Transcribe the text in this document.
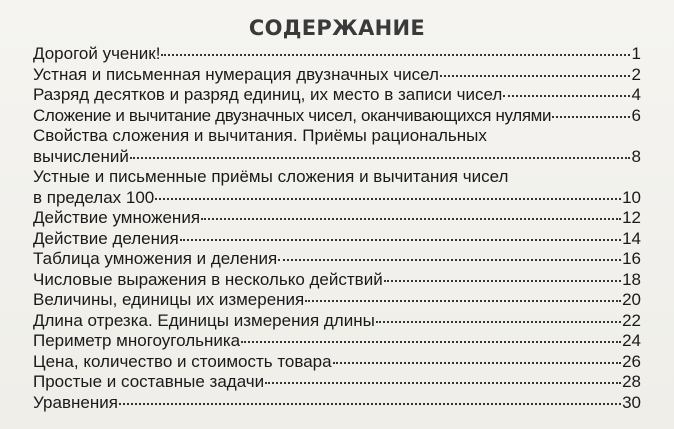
СОДЕРЖАНИЕ
Дорогой ученик!	1
Устная и письменная нумерация двузначных чисел	2
Разряд десятков и разряд единиц, их место в записи чисел	4
Сложение и вычитание двузначных чисел, оканчивающихся нулями	6
Свойства сложения и вычитания. Приёмы рациональных
вычислений	8
Устные и письменные приёмы сложения и вычитания чисел
в пределах 100	10
Действие умножения	12
Действие деления	14
Таблица умножения и деления	16
Числовые выражения в несколько действий	18
Величины, единицы их измерения	20
Длина отрезка. Единицы измерения длины	22
Периметр многоугольника	24
Цена, количество и стоимость товара	26
Простые и составные задачи	28
Уравнения	30
